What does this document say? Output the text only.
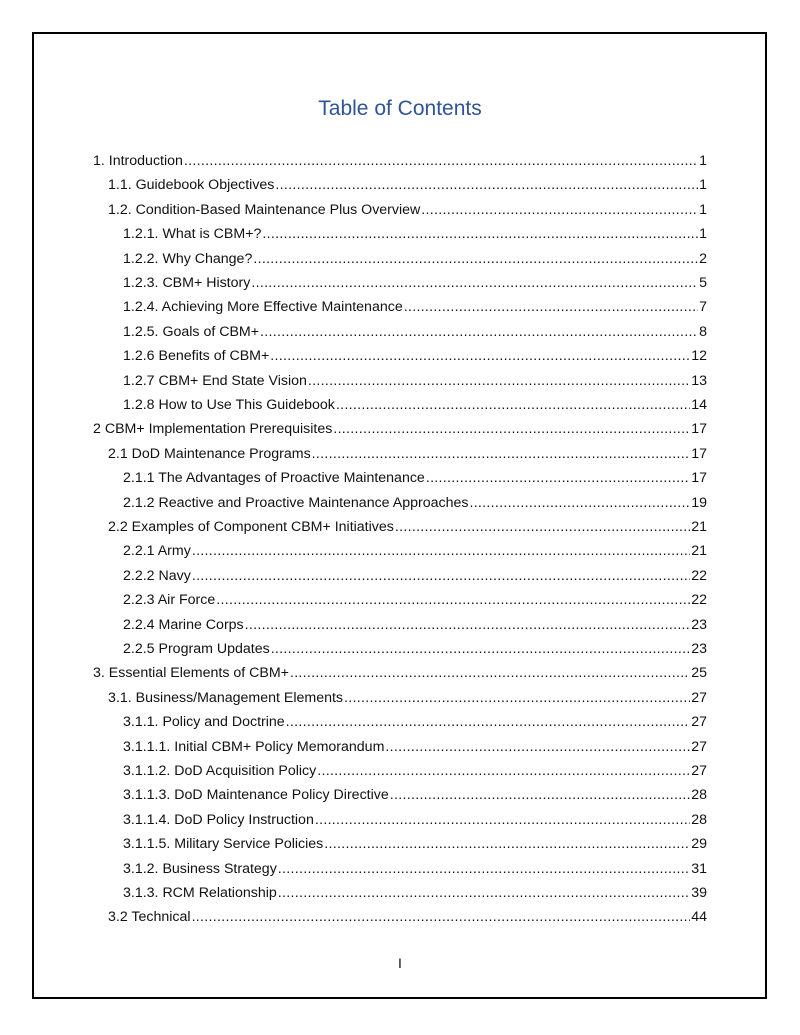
Table of Contents
1. Introduction .....	1
1.1. Guidebook Objectives .....	1
1.2. Condition-Based Maintenance Plus Overview .....	1
1.2.1. What is CBM+? .....	1
1.2.2. Why Change? .....	2
1.2.3. CBM+ History .....	5
1.2.4. Achieving More Effective Maintenance .....	7
1.2.5. Goals of CBM+ .....	8
1.2.6 Benefits of CBM+ .....	12
1.2.7 CBM+ End State Vision .....	13
1.2.8 How to Use This Guidebook .....	14
2 CBM+ Implementation Prerequisites .....	17
2.1 DoD Maintenance Programs .....	17
2.1.1 The Advantages of Proactive Maintenance .....	17
2.1.2 Reactive and Proactive Maintenance Approaches .....	19
2.2 Examples of Component CBM+ Initiatives .....	21
2.2.1 Army .....	21
2.2.2 Navy .....	22
2.2.3 Air Force .....	22
2.2.4 Marine Corps .....	23
2.2.5 Program Updates .....	23
3. Essential Elements of CBM+ .....	25
3.1. Business/Management Elements .....	27
3.1.1. Policy and Doctrine .....	27
3.1.1.1. Initial CBM+ Policy Memorandum .....	27
3.1.1.2. DoD Acquisition Policy .....	27
3.1.1.3. DoD Maintenance Policy Directive .....	28
3.1.1.4. DoD Policy Instruction .....	28
3.1.1.5. Military Service Policies .....	29
3.1.2. Business Strategy .....	31
3.1.3. RCM Relationship .....	39
3.2 Technical .....	44
I
